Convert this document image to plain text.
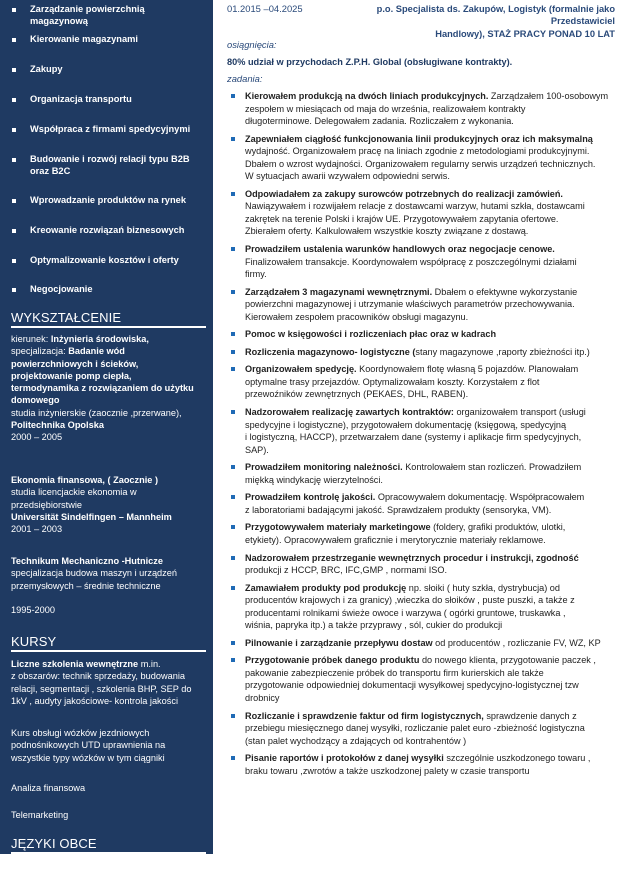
Zarządzanie powierzchnią magazynową
Kierowanie magazynami
Zakupy
Organizacja transportu
Współpraca z firmami spedycyjnymi
Budowanie i rozwój relacji typu B2B oraz B2C
Wprowadzanie produktów na rynek
Kreowanie rozwiązań biznesowych
Optymalizowanie kosztów i oferty
Negocjowanie
WYKSZTAŁCENIE
kierunek: Inżynieria środowiska,
specjalizacja: Badanie wód
powierzchniowych i ścieków,
projektowanie pomp ciepła,
termodynamika z rozwiązaniem do użytku
domowego
studia inżynierskie (zaocznie ,przerwane),
Politechnika Opolska
2000 – 2005
Ekonomia finansowa, ( Zaocznie )
studia licencjackie ekonomia w
przedsiębiorstwie
Universität Sindelfingen – Mannheim
2001 – 2003
Technikum Mechaniczno -Hutnicze
specjalizacja budowa maszyn i urządzeń
przemysłowych – średnie techniczne
1995-2000
KURSY
Liczne szkolenia wewnętrzne m.in.
z obszarów: technik sprzedaży, budowania
relacji, segmentacji , szkolenia BHP, SEP do
1kV , audyty jakościowe- kontrola jakości
Kurs obsługi wózków jezdniowych
podnośnikowych UTD uprawnienia na
wszystkie typy wózków w tym ciągniki
Analiza finansowa
Telemarketing
JĘZYKI OBCE
01.2015 –04.2025	p.o. Specjalista ds. Zakupów, Logistyk (formalnie jako Przedstawiciel
Handlowy), STAŻ PRACY PONAD 10 LAT
osiągnięcia:
80% udział w przychodach Z.P.H. Global (obsługiwane kontrakty).
zadania:
Kierowałem produkcją na dwóch liniach produkcyjnych. Zarządzałem 100-osobowym
zespołem w miesiącach od maja do września, realizowałem kontrakty
długoterminowe. Delegowałem zadania. Rozliczałem z wykonania.
Zapewniałem ciągłość funkcjonowania linii produkcyjnych oraz ich maksymalną
wydajność. Organizowałem pracę na liniach zgodnie z metodologiami produkcyjnymi.
Dbałem o wzrost wydajności. Organizowałem regularny serwis urządzeń technicznych.
W sytuacjach awarii wzywałem odpowiedni serwis.
Odpowiadałem za zakupy surowców potrzebnych do realizacji zamówień.
Nawiązywałem i rozwijałem relacje z dostawcami warzyw, hutami szkła, dostawcami
zakrętek na terenie Polski i krajów UE. Przygotowywałem zapytania ofertowe.
Zbierałem oferty. Kalkulowałem wszystkie koszty związane z dostawą.
Prowadziłem ustalenia warunków handlowych oraz negocjacje cenowe.
Finalizowałem transakcje. Koordynowałem współpracę z poszczególnymi działami
firmy.
Zarządzałem 3 magazynami wewnętrznymi. Dbałem o efektywne wykorzystanie
powierzchni magazynowej i utrzymanie właściwych parametrów przechowywania.
Kierowałem zespołem pracowników obsługi magazynu.
Pomoc w księgowości i rozliczeniach płac oraz w kadrach
Rozliczenia magazynowo- logistyczne (stany magazynowe ,raporty zbieżności itp.)
Organizowałem spedycję. Koordynowałem flotę własną 5 pojazdów. Planowałam
optymalne trasy przejazdów. Optymalizowałam koszty. Korzystałem z flot
przewoźników zewnętrznych (PEKAES, DHL, RABEN).
Nadzorowałem realizację zawartych kontraktów: organizowałem transport (usługi
spedycyjne i logistyczne), przygotowałem dokumentację (księgową, spedycyjną
i logistyczną, HACCP), przetwarzałem dane (systemy i aplikacje firm spedycyjnych,
SAP).
Prowadziłem monitoring należności. Kontrolowałem stan rozliczeń. Prowadziłem
miękką windykację wierzytelności.
Prowadziłem kontrolę jakości. Opracowywałem dokumentację. Współpracowałem
z laboratoriami badającymi jakość. Sprawdzałem produkty (sensoryka, VM).
Przygotowywałem materiały marketingowe (foldery, grafiki produktów, ulotki,
etykiety). Opracowywałem graficznie i merytorycznie materiały reklamowe.
Nadzorowałem przestrzeganie wewnętrznych procedur i instrukcji, zgodność
produkcji z HCCP, BRC, IFC,GMP , normami ISO.
Zamawiałem produkty pod produkcję np. słoiki ( huty szkła, dystrybucja) od
producentów krajowych i za granicy) ,wieczka do słoików , puste puszki, a także z
producentami rolnikami świeże owoce i warzywa ( ogórki gruntowe, truskawka ,
wiśnia, papryka itp.) a także przyprawy , sól, cukier do produkcji
Pilnowanie i zarządzanie przepływu dostaw od producentów , rozliczanie FV, WZ, KP
Przygotowanie próbek danego produktu do nowego klienta, przygotowanie paczek ,
pakowanie zabezpieczenie próbek do transportu firm kurierskich ale także
przygotowanie odpowiedniej dokumentacji wysyłkowej spedycyjno-logistycznej tzw
drobnicy
Rozliczanie i sprawdzenie faktur od firm logistycznych, sprawdzenie danych z
przebiegu miesięcznego danej wysyłki, rozliczanie palet euro -zbieżność logistyczna
(stan palet wychodzący a zdających od kontrahentów )
Pisanie raportów i protokołów z danej wysyłki szczególnie uszkodzonego towaru ,
braku towaru ,zwrotów a także uszkodzonej palety w czasie transportu
